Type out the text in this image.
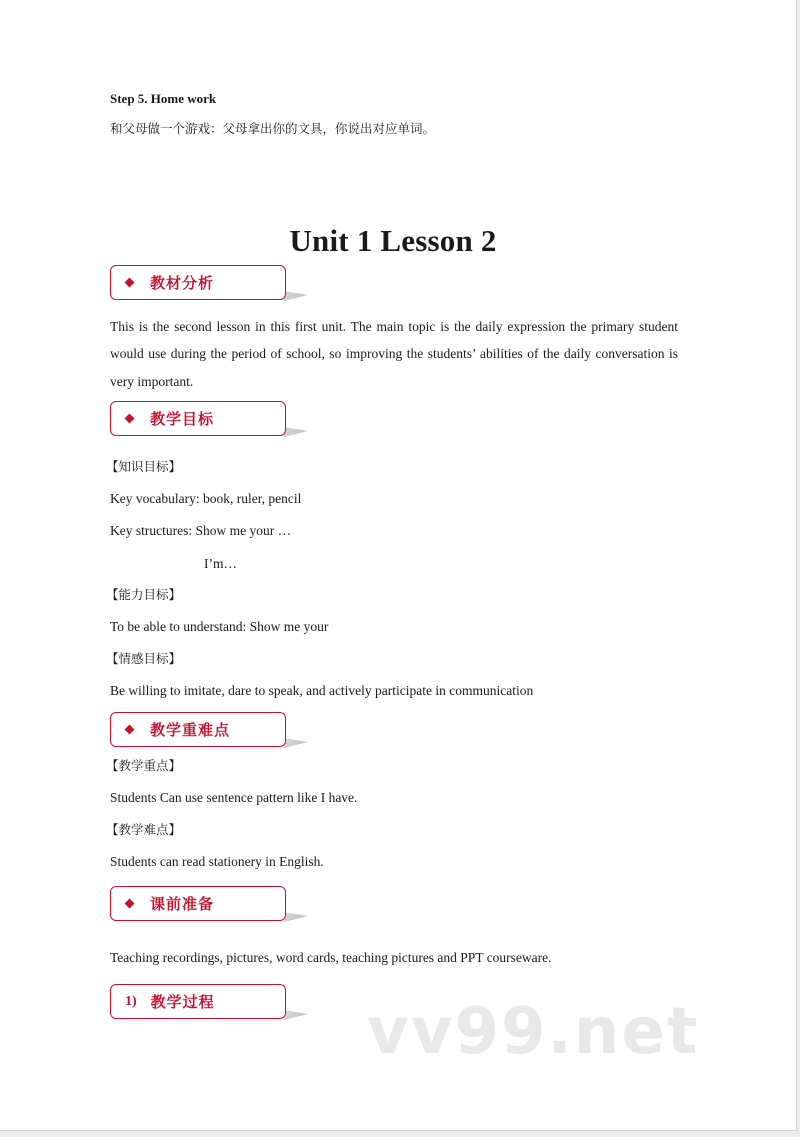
Step 5. Home work
和父母做一个游戏：父母拿出你的文具，你说出对应单词。
Unit 1 Lesson 2
教材分析
This is the second lesson in this first unit. The main topic is the daily expression the primary student would use during the period of school, so improving the students’ abilities of the daily conversation is very important.
教学目标
【知识目标】
Key vocabulary: book, ruler, pencil
Key structures: Show me your …
I’m…
【能力目标】
To be able to understand: Show me your
【情感目标】
Be willing to imitate, dare to speak, and actively participate in communication
教学重难点
【教学重点】
Students Can use sentence pattern like I have.
【教学难点】
Students can read stationery in English.
课前准备
Teaching recordings, pictures, word cards, teaching pictures and PPT courseware.
1) 教学过程 vv99.net
